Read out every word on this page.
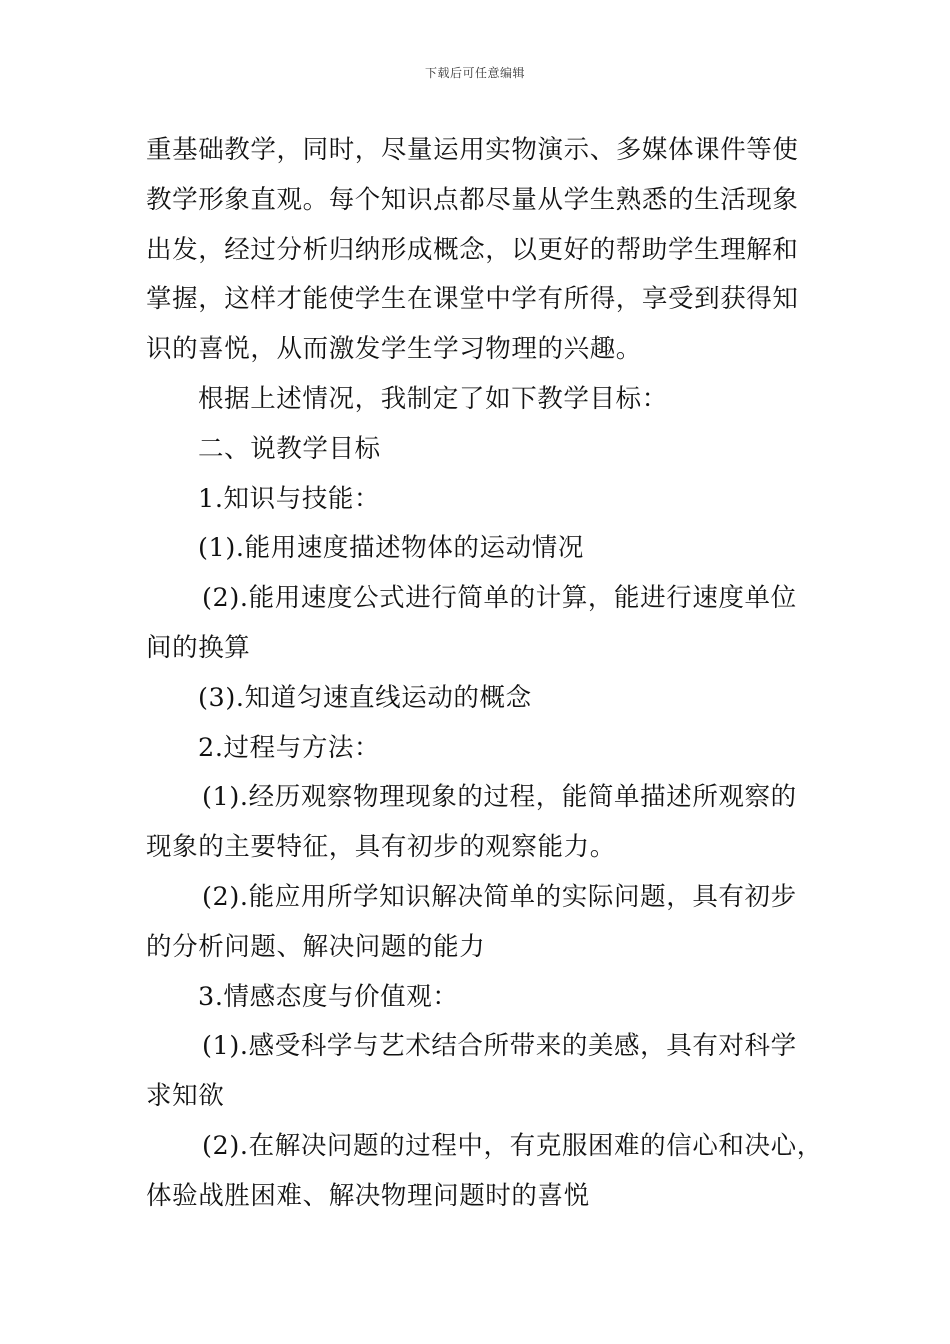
下载后可任意编辑

重基础教学，同时，尽量运用实物演示、多媒体课件等使

教学形象直观。每个知识点都尽量从学生熟悉的生活现象

出发，经过分析归纳形成概念，以更好的帮助学生理解和

掌握，这样才能使学生在课堂中学有所得，享受到获得知

识的喜悦，从而激发学生学习物理的兴趣。

根据上述情况，我制定了如下教学目标：

二、说教学目标

1.知识与技能：

(1).能用速度描述物体的运动情况

(2).能用速度公式进行简单的计算，能进行速度单位

间的换算

(3).知道匀速直线运动的概念

2.过程与方法：

(1).经历观察物理现象的过程，能简单描述所观察的

现象的主要特征，具有初步的观察能力。

(2).能应用所学知识解决简单的实际问题，具有初步

的分析问题、解决问题的能力

3.情感态度与价值观：

(1).感受科学与艺术结合所带来的美感，具有对科学

求知欲

(2).在解决问题的过程中，有克服困难的信心和决心，

体验战胜困难、解决物理问题时的喜悦
